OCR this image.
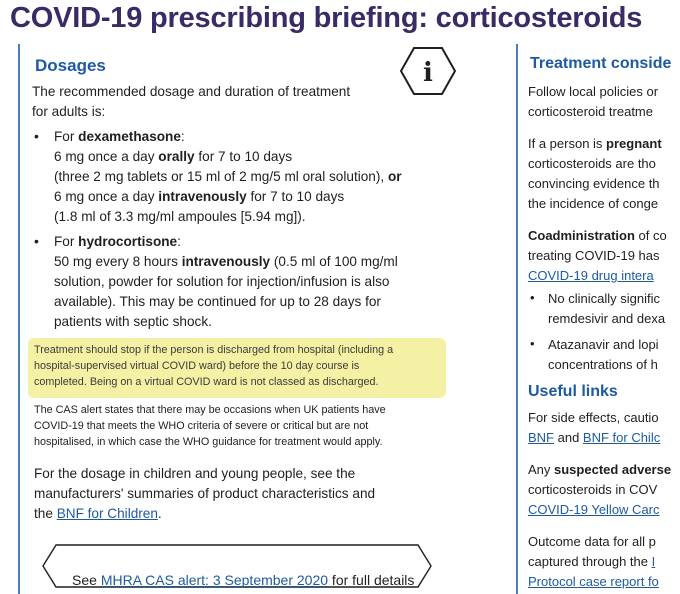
COVID-19 prescribing briefing: corticosteroids
Dosages	i

The recommended dosage and duration of treatment

for adults is:

• For dexamethasone:

6 mg once a day orally for 7 to 10 days

(three 2 mg tablets or 15 ml of 2 mg/5 ml oral solution), or

6 mg once a day intravenously for 7 to 10 days

(1.8 ml of 3.3 mg/ml ampoules [5.94 mg]).

• For hydrocortisone:

50 mg every 8 hours intravenously (0.5 ml of 100 mg/ml

solution, powder for solution for injection/infusion is also

available). This may be continued for up to 28 days for

patients with septic shock.

Treatment should stop if the person is discharged from hospital (including a

hospital-supervised virtual COVID ward) before the 10 day course is

completed. Being on a virtual COVID ward is not classed as discharged.

The CAS alert states that there may be occasions when UK patients have

COVID-19 that meets the WHO criteria of severe or critical but are not

hospitalised, in which case the WHO guidance for treatment would apply.

For the dosage in children and young people, see the

manufacturers' summaries of product characteristics and

the BNF for Children.

See MHRA CAS alert: 3 September 2020 for full details

Treatment conside

Follow local policies or

corticosteroid treatme

If a person is pregnant

corticosteroids are tho

convincing evidence th

the incidence of conge

Coadministration of co

treating COVID-19 has

COVID-19 drug intera

• No clinically signific

remdesivir and dexa

• Atazanavir and lopi

concentrations of h

Useful links

For side effects, cautio

BNF and BNF for Chilc

Any suspected adverse

corticosteroids in COV

COVID-19 Yellow Carc

Outcome data for all p

captured through the I

Protocol case report fo
